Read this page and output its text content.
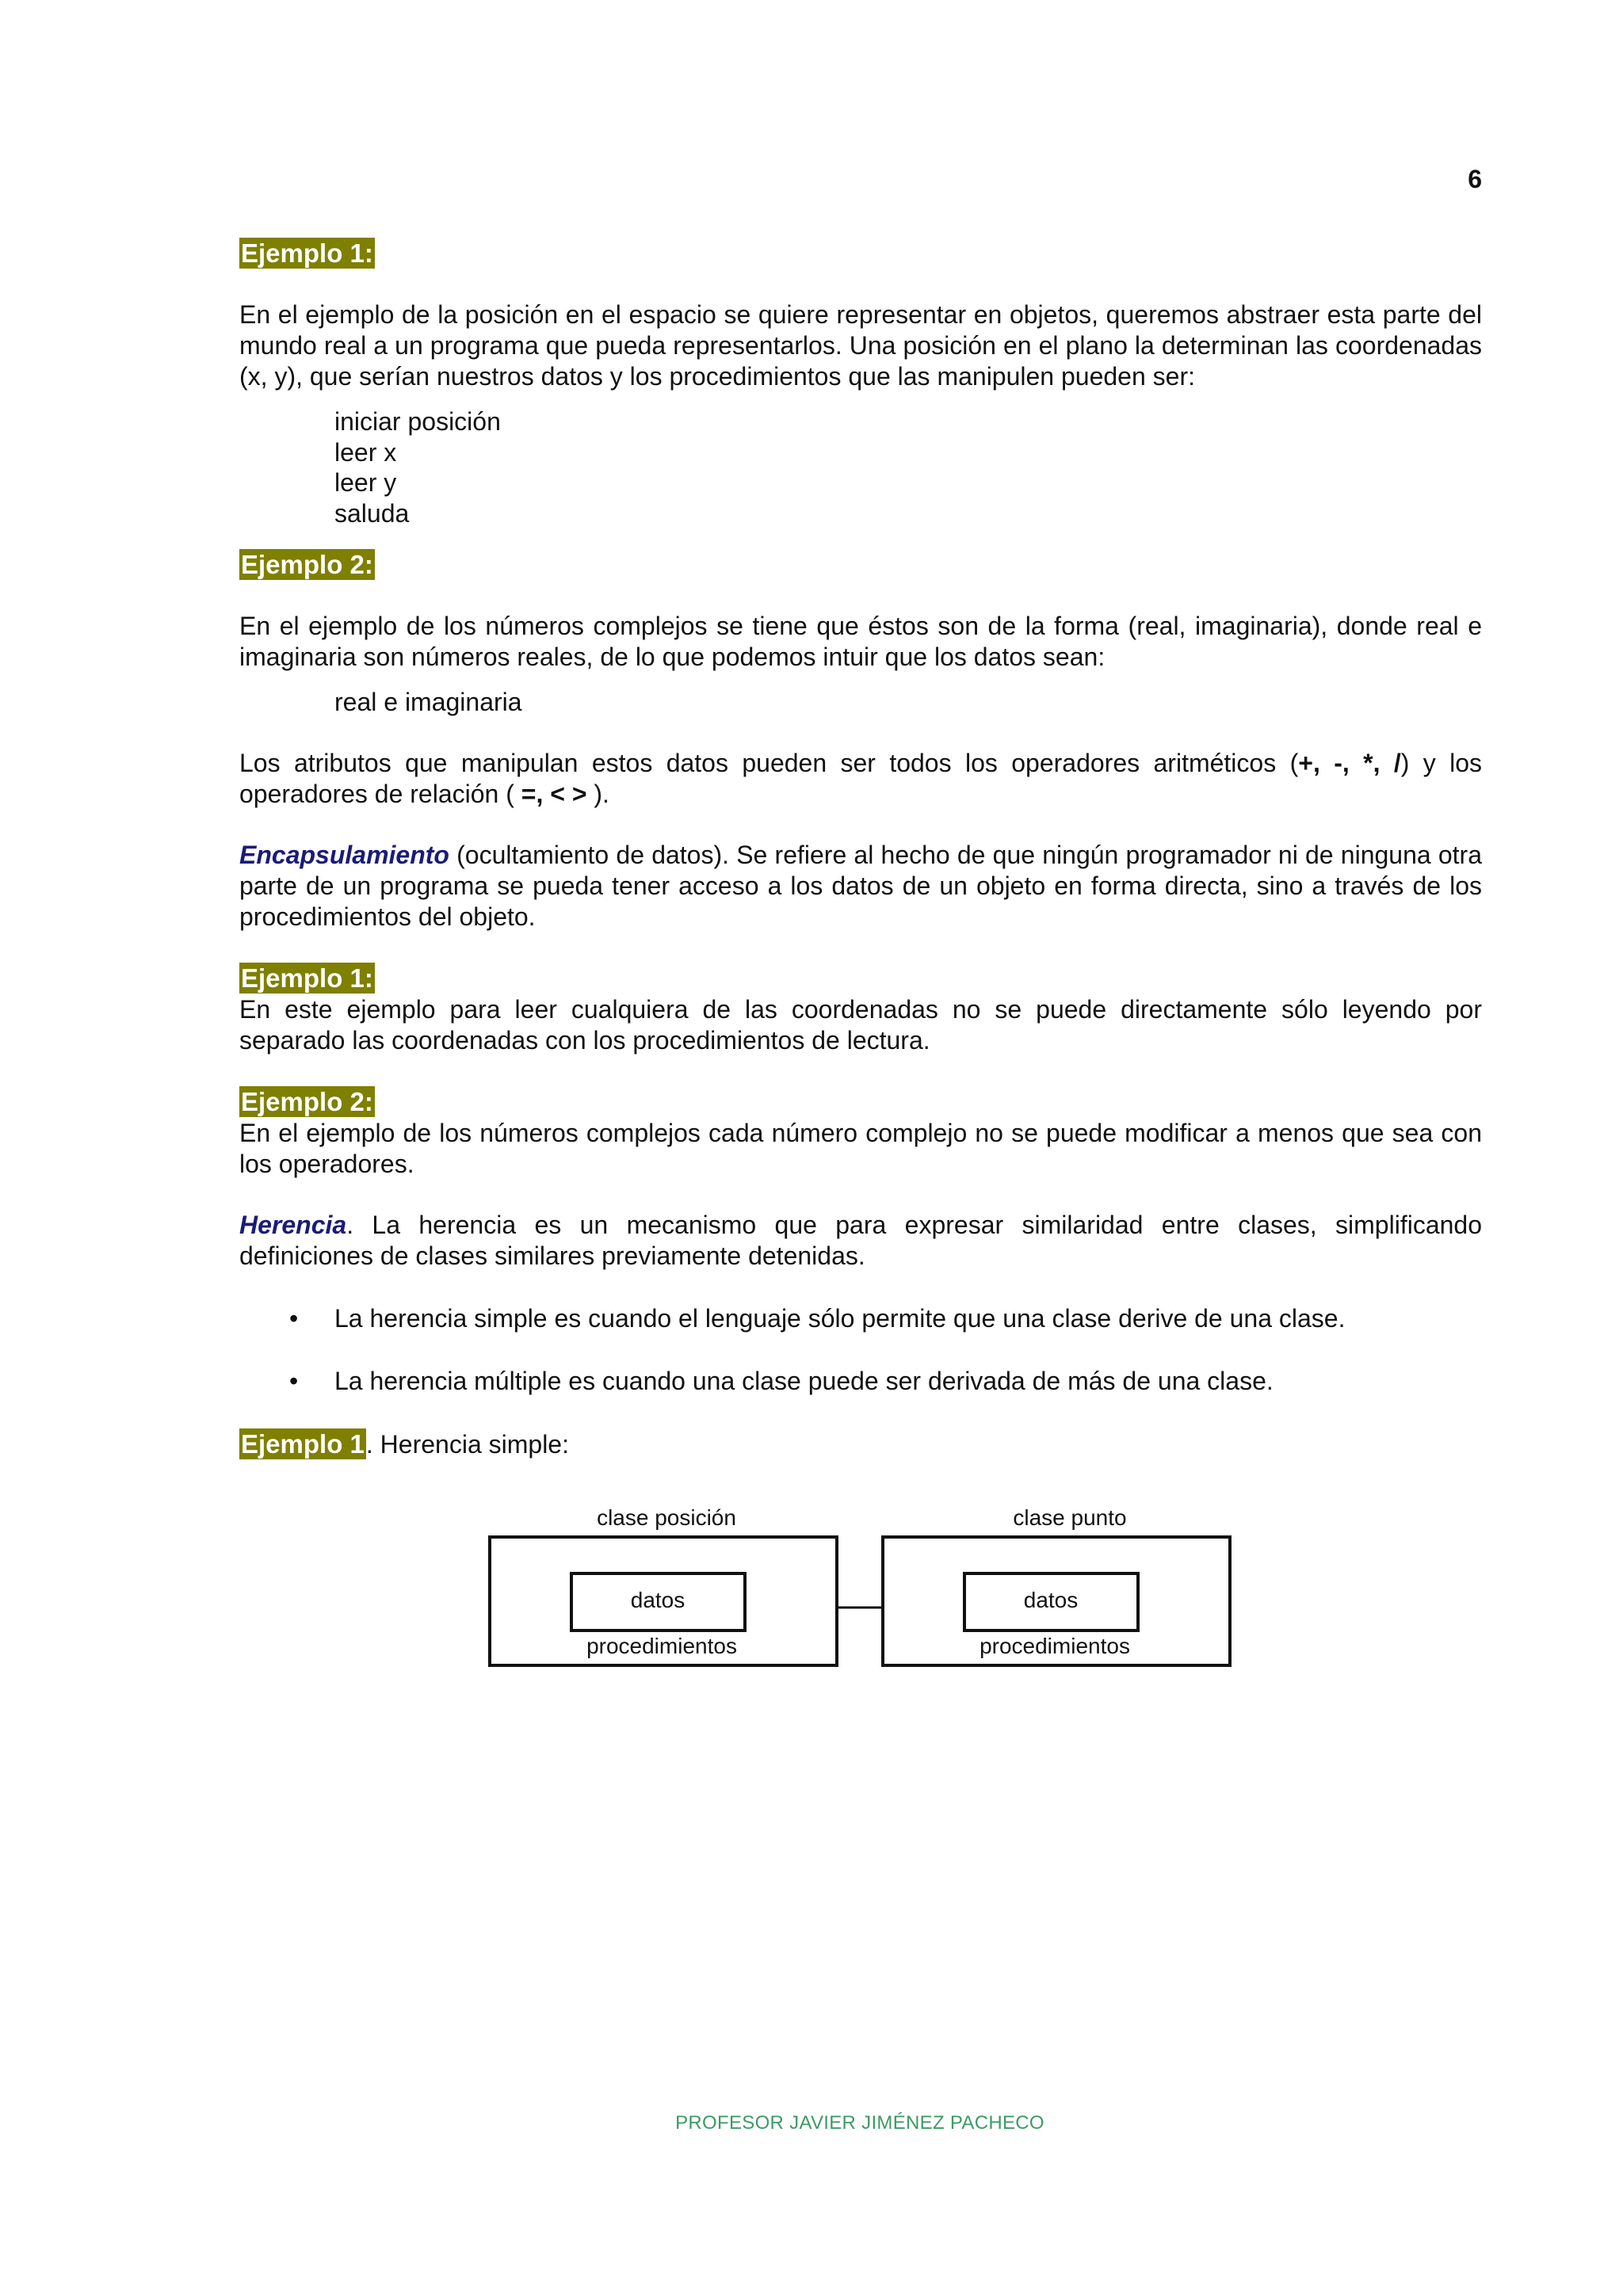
6
Ejemplo 1:

En el ejemplo de la posición en el espacio se quiere representar en objetos, queremos abstraer esta parte del mundo real a un programa que pueda representarlos. Una posición en el plano la determinan las coordenadas (x, y), que serían nuestros datos y los procedimientos que las manipulen pueden ser:

iniciar posición
leer x
leer y
saluda
Ejemplo 2:

En el ejemplo de los números complejos se tiene que éstos son de la forma (real, imaginaria), donde real e imaginaria son números reales, de lo que podemos intuir que los datos sean:

real e imaginaria

Los atributos que manipulan estos datos pueden ser todos los operadores aritméticos (+, -, *, /) y los operadores de relación ( =, < > ).

Encapsulamiento (ocultamiento de datos). Se refiere al hecho de que ningún programador ni de ninguna otra parte de un programa se pueda tener acceso a los datos de un objeto en forma directa, sino a través de los procedimientos del objeto.

Ejemplo 1:

En este ejemplo para leer cualquiera de las coordenadas no se puede directamente sólo leyendo por separado las coordenadas con los procedimientos de lectura.

Ejemplo 2:

En el ejemplo de los números complejos cada número complejo no se puede modificar a menos que sea con los operadores.

Herencia. La herencia es un mecanismo que para expresar similaridad entre clases, simplificando definiciones de clases similares previamente detenidas.

• La herencia simple es cuando el lenguaje sólo permite que una clase derive de una clase.
• La herencia múltiple es cuando una clase puede ser derivada de más de una clase.
Ejemplo 1. Herencia simple:
clase posición	clase punto
datos
procedimientos
datos
procedimientos
PROFESOR JAVIER JIMÉNEZ PACHECO
